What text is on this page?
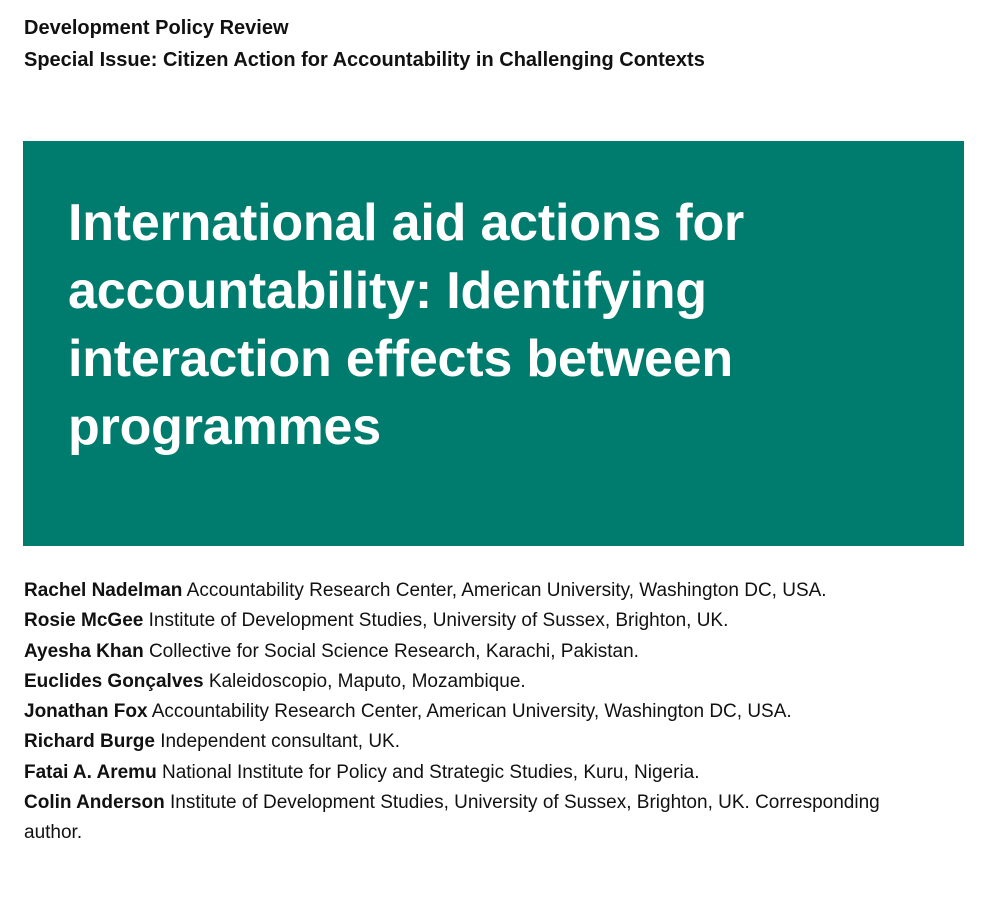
Development Policy Review

Special Issue: Citizen Action for Accountability in Challenging Contexts

International aid actions for accountability: Identifying interaction effects between programmes

Rachel Nadelman Accountability Research Center, American University, Washington DC, USA.

Rosie McGee Institute of Development Studies, University of Sussex, Brighton, UK.

Ayesha Khan Collective for Social Science Research, Karachi, Pakistan.

Euclides Gonçalves Kaleidoscopio, Maputo, Mozambique.

Jonathan Fox Accountability Research Center, American University, Washington DC, USA.

Richard Burge Independent consultant, UK.

Fatai A. Aremu National Institute for Policy and Strategic Studies, Kuru, Nigeria.

Colin Anderson Institute of Development Studies, University of Sussex, Brighton, UK. Corresponding author.
